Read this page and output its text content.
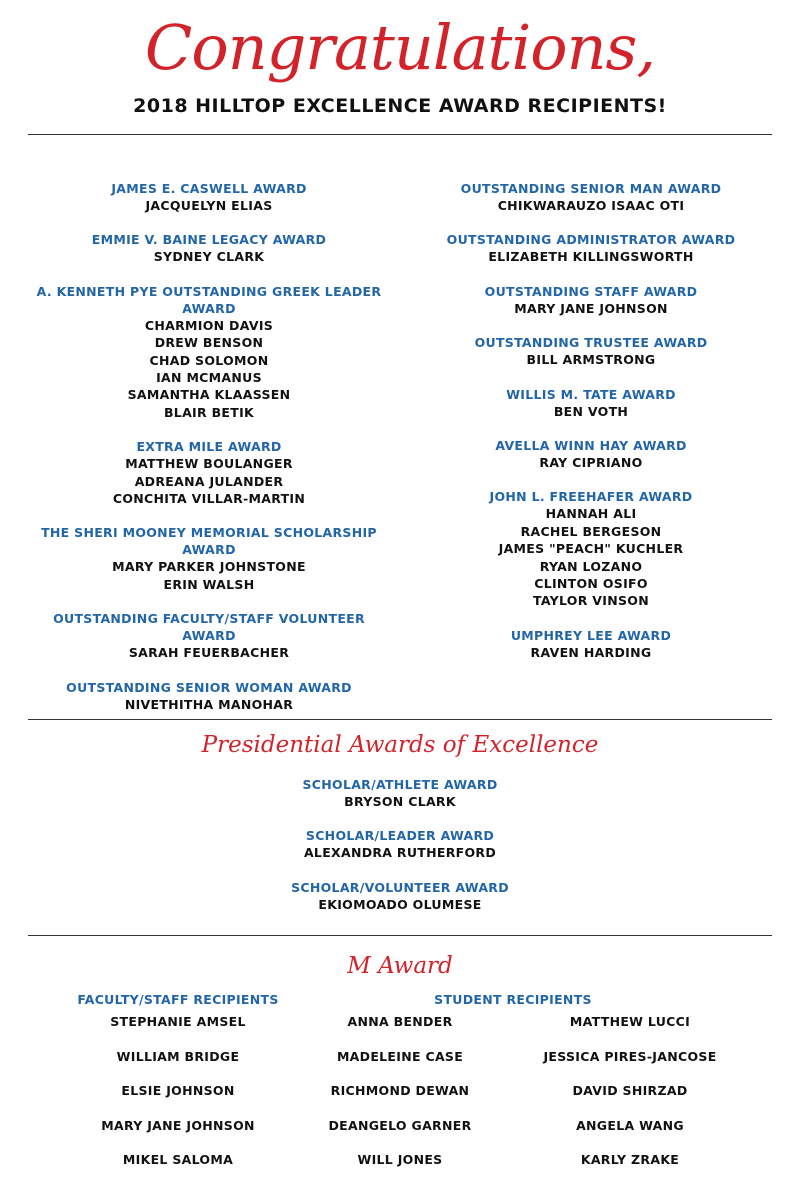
Congratulations,
2018 HILLTOP EXCELLENCE AWARD RECIPIENTS!
JAMES E. CASWELL AWARD
JACQUELYN ELIAS
EMMIE V. BAINE LEGACY AWARD
SYDNEY CLARK
A. KENNETH PYE OUTSTANDING GREEK LEADER AWARD
CHARMION DAVIS
DREW BENSON
CHAD SOLOMON
IAN MCMANUS
SAMANTHA KLAASSEN
BLAIR BETIK
EXTRA MILE AWARD
MATTHEW BOULANGER
ADREANA JULANDER
CONCHITA VILLAR-MARTIN
THE SHERI MOONEY MEMORIAL SCHOLARSHIP AWARD
MARY PARKER JOHNSTONE
ERIN WALSH
OUTSTANDING FACULTY/STAFF VOLUNTEER AWARD
SARAH FEUERBACHER
OUTSTANDING SENIOR WOMAN AWARD
NIVETHITHA MANOHAR
OUTSTANDING SENIOR MAN AWARD
CHIKWARAUZO ISAAC OTI
OUTSTANDING ADMINISTRATOR AWARD
ELIZABETH KILLINGSWORTH
OUTSTANDING STAFF AWARD
MARY JANE JOHNSON
OUTSTANDING TRUSTEE AWARD
BILL ARMSTRONG
WILLIS M. TATE AWARD
BEN VOTH
AVELLA WINN HAY AWARD
RAY CIPRIANO
JOHN L. FREEHAFER AWARD
HANNAH ALI
RACHEL BERGESON
JAMES "PEACH" KUCHLER
RYAN LOZANO
CLINTON OSIFO
TAYLOR VINSON
UMPHREY LEE AWARD
RAVEN HARDING
Presidential Awards of Excellence
SCHOLAR/ATHLETE AWARD
BRYSON CLARK
SCHOLAR/LEADER AWARD
ALEXANDRA RUTHERFORD
SCHOLAR/VOLUNTEER AWARD
EKIOMOADO OLUMESE
M Award
FACULTY/STAFF RECIPIENTS	STUDENT RECIPIENTS
STEPHANIE AMSEL
WILLIAM BRIDGE
ELSIE JOHNSON
MARY JANE JOHNSON
MIKEL SALOMA
ANNA BENDER
MADELEINE CASE
RICHMOND DEWAN
DEANGELO GARNER
WILL JONES
MATTHEW LUCCI
JESSICA PIRES-JANCOSE
DAVID SHIRZAD
ANGELA WANG
KARLY ZRAKE
